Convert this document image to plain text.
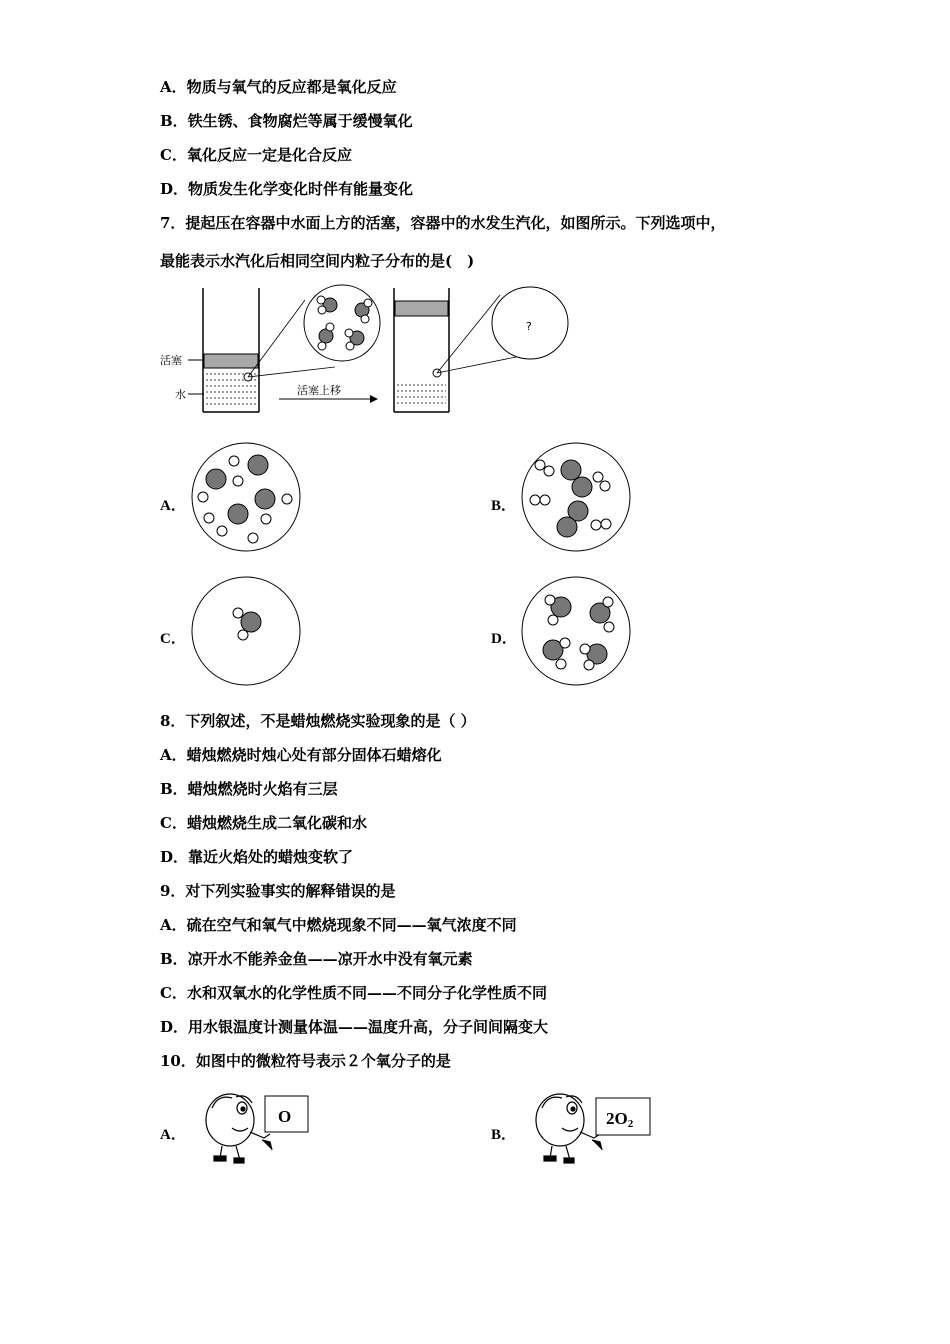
A．物质与氧气的反应都是氧化反应
B．铁生锈、食物腐烂等属于缓慢氧化
C．氧化反应一定是化合反应
D．物质发生化学变化时伴有能量变化
7．提起压在容器中水面上方的活塞，容器中的水发生汽化，如图所示。下列选项中，
最能表示水汽化后相同空间内粒子分布的是(　)
活塞
水	活塞上移
?
A．	B．
C．	D．
8．下列叙述，不是蜡烛燃烧实验现象的是（ ）
A．蜡烛燃烧时烛心处有部分固体石蜡熔化
B．蜡烛燃烧时火焰有三层
C．蜡烛燃烧生成二氧化碳和水
D．靠近火焰处的蜡烛变软了
9．对下列实验事实的解释错误的是
A．硫在空气和氧气中燃烧现象不同——氧气浓度不同
B．凉开水不能养金鱼——凉开水中没有氧元素
C．水和双氧水的化学性质不同——不同分子化学性质不同
D．用水银温度计测量体温——温度升高，分子间间隔变大
10．如图中的微粒符号表示２个氧分子的是
A．
O
B．
2O2
